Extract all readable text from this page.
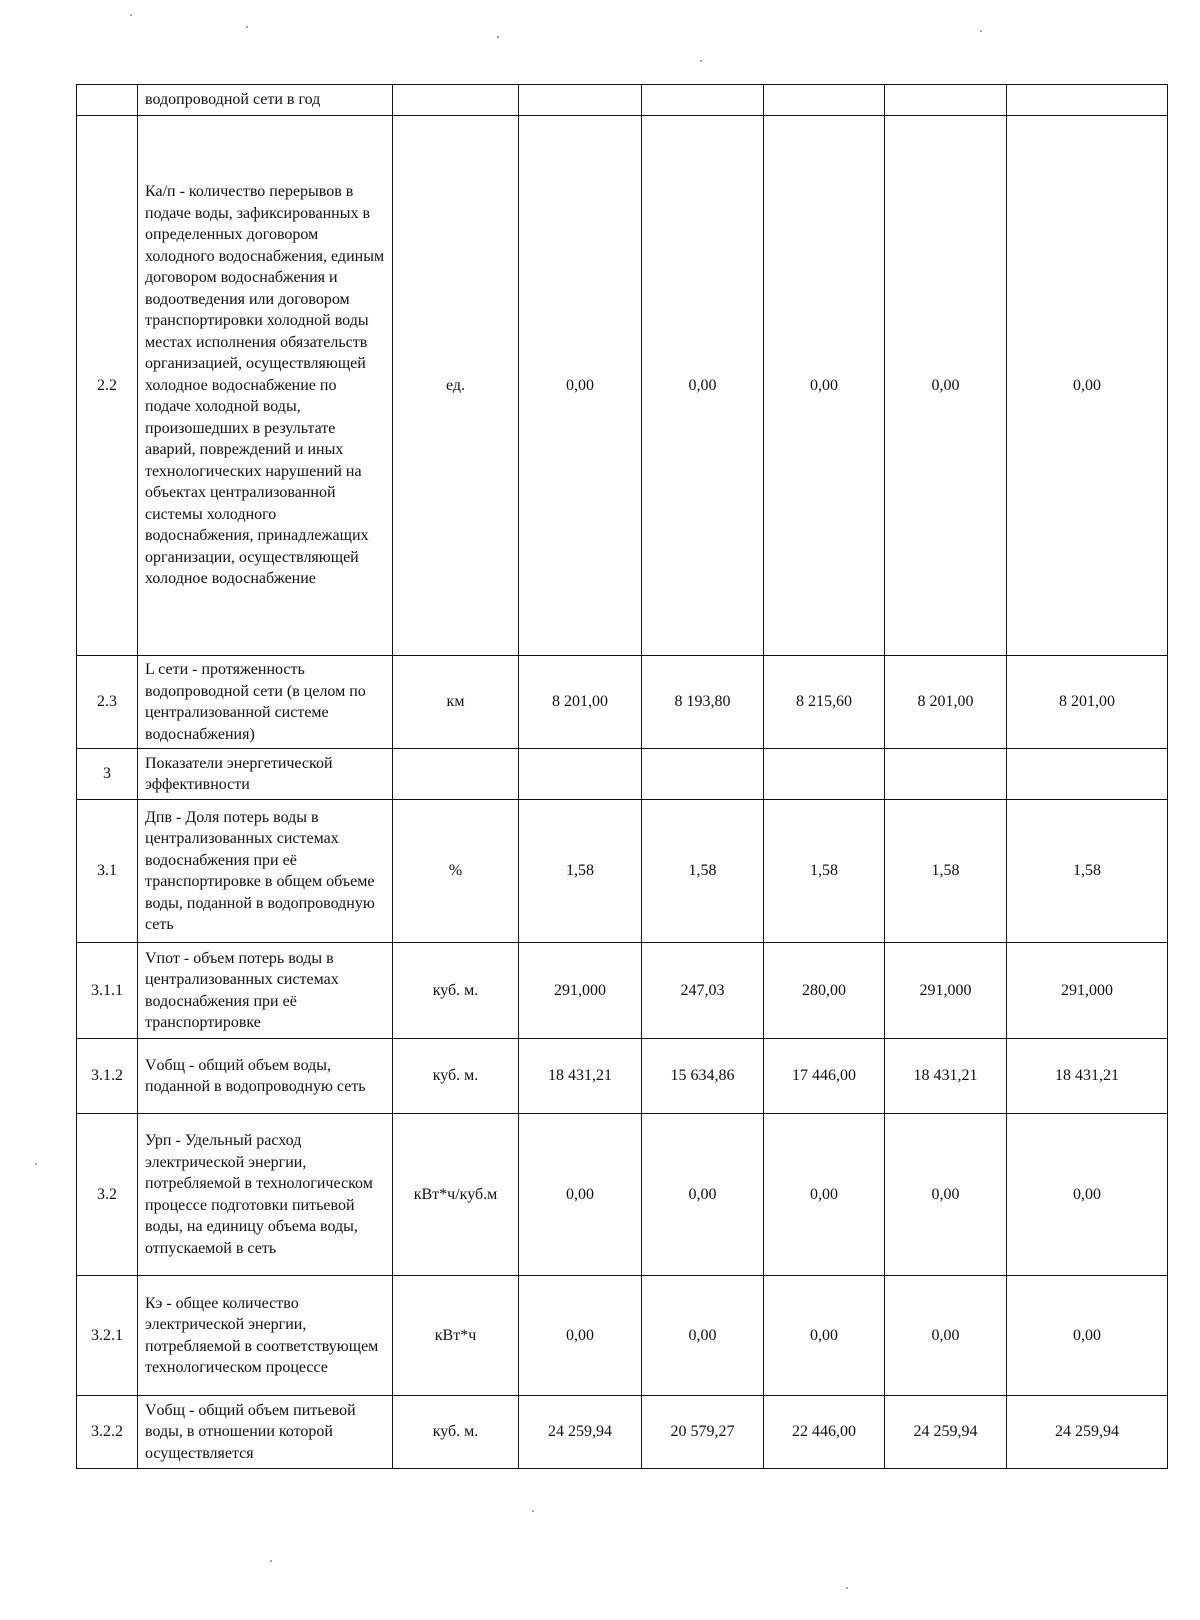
	водопроводной сети в год						
2.2	Ка/п - количество перерывов в подаче воды, зафиксированных в определенных договором холодного водоснабжения, единым договором водоснабжения и водоотведения или договором транспортировки холодной воды местах исполнения обязательств организацией, осуществляющей холодное водоснабжение по подаче холодной воды, произошедших в результате аварий, повреждений и иных технологических нарушений на объектах централизованной системы холодного водоснабжения, принадлежащих организации, осуществляющей холодное водоснабжение	ед.	0,00	0,00	0,00	0,00	0,00
2.3	L сети - протяженность водопроводной сети (в целом по централизованной системе водоснабжения)	км	8 201,00	8 193,80	8 215,60	8 201,00	8 201,00
3	Показатели энергетической эффективности						
3.1	Дпв - Доля потерь воды в централизованных системах водоснабжения при её транспортировке в общем объеме воды, поданной в водопроводную сеть	%	1,58	1,58	1,58	1,58	1,58
3.1.1	Vпот - объем потерь воды в централизованных системах водоснабжения при её транспортировке	куб. м.	291,000	247,03	280,00	291,000	291,000
3.1.2	Vобщ - общий объем воды, поданной в водопроводную сеть	куб. м.	18 431,21	15 634,86	17 446,00	18 431,21	18 431,21
3.2	Урп - Удельный расход электрической энергии, потребляемой в технологическом процессе подготовки питьевой воды, на единицу объема воды, отпускаемой в сеть	кВт*ч/куб.м	0,00	0,00	0,00	0,00	0,00
3.2.1	Кэ - общее количество электрической энергии, потребляемой в соответствующем технологическом процессе	кВт*ч	0,00	0,00	0,00	0,00	0,00
3.2.2	Vобщ - общий объем питьевой воды, в отношении которой осуществляется	куб. м.	24 259,94	20 579,27	22 446,00	24 259,94	24 259,94
